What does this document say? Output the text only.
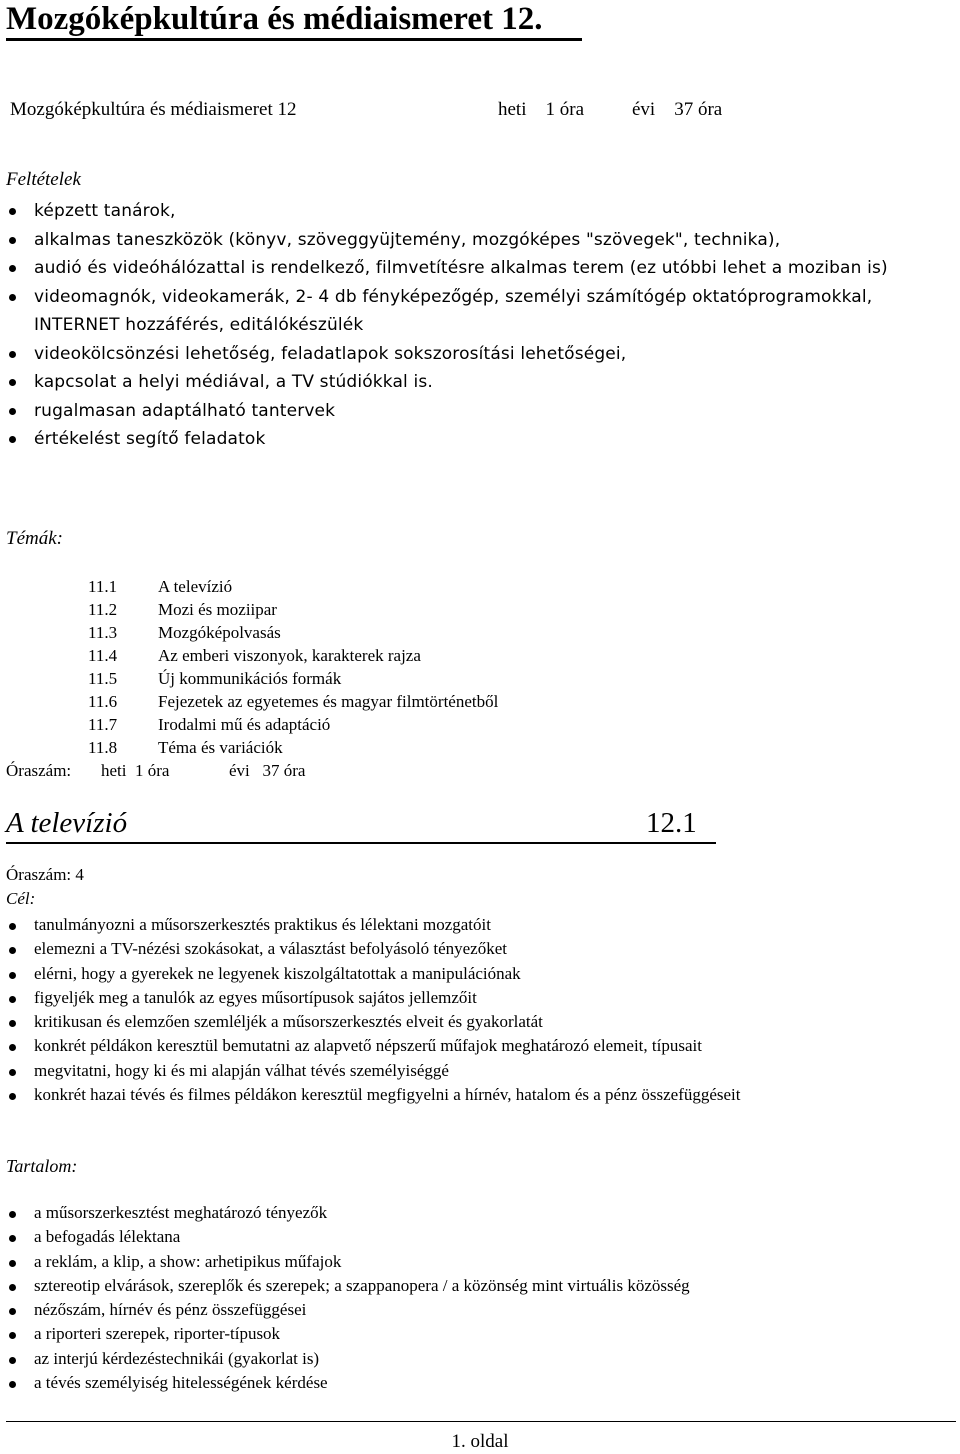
Mozgóképkultúra és médiaismeret 12.
Mozgóképkultúra és médiaismeret 12	heti    1 óra	évi    37 óra
Feltételek
képzett tanárok,
alkalmas taneszközök (könyv, szöveggyüjtemény, mozgóképes "szövegek", technika),
audió és videóhálózattal is rendelkező, filmvetítésre alkalmas terem (ez utóbbi lehet a moziban is)
videomagnók, videokamerák, 2- 4 db fényképezőgép, személyi számítógép oktatóprogramokkal, INTERNET hozzáférés, editálókészülék
videokölcsönzési lehetőség, feladatlapok sokszorosítási lehetőségei,
kapcsolat a helyi médiával, a TV stúdiókkal is.
rugalmasan adaptálható tantervek
értékelést segítő feladatok
Témák:
11.1	A televízió
11.2	Mozi és moziipar
11.3	Mozgóképolvasás
11.4	Az emberi viszonyok, karakterek rajza
11.5	Új kommunikációs formák
11.6	Fejezetek az egyetemes és magyar filmtörténetből
11.7	Irodalmi mű és adaptáció
11.8	Téma és variációk
Óraszám: heti  1 óra	évi   37 óra
A televízió	12.1
Óraszám: 4
Cél:
tanulmányozni a műsorszerkesztés praktikus és lélektani mozgatóit
elemezni a TV-nézési szokásokat, a választást befolyásoló tényezőket
elérni, hogy a gyerekek ne legyenek kiszolgáltatottak a manipulációnak
figyeljék meg a tanulók az egyes műsortípusok sajátos jellemzőit
kritikusan és elemzően szemléljék a műsorszerkesztés elveit és gyakorlatát
konkrét példákon keresztül bemutatni az alapvető népszerű műfajok meghatározó elemeit, típusait
megvitatni, hogy ki és mi alapján válhat tévés személyiséggé
konkrét hazai tévés és filmes példákon keresztül megfigyelni a hírnév, hatalom és a pénz összefüggéseit
Tartalom:
a műsorszerkesztést meghatározó tényezők
a befogadás lélektana
a reklám, a klip, a show: arhetipikus műfajok
sztereotip elvárások, szereplők és szerepek; a szappanopera / a közönség mint virtuális közösség
nézőszám, hírnév és pénz összefüggései
a riporteri szerepek, riporter-típusok
az interjú kérdezéstechnikái (gyakorlat is)
a tévés személyiség hitelességének kérdése
1. oldal
